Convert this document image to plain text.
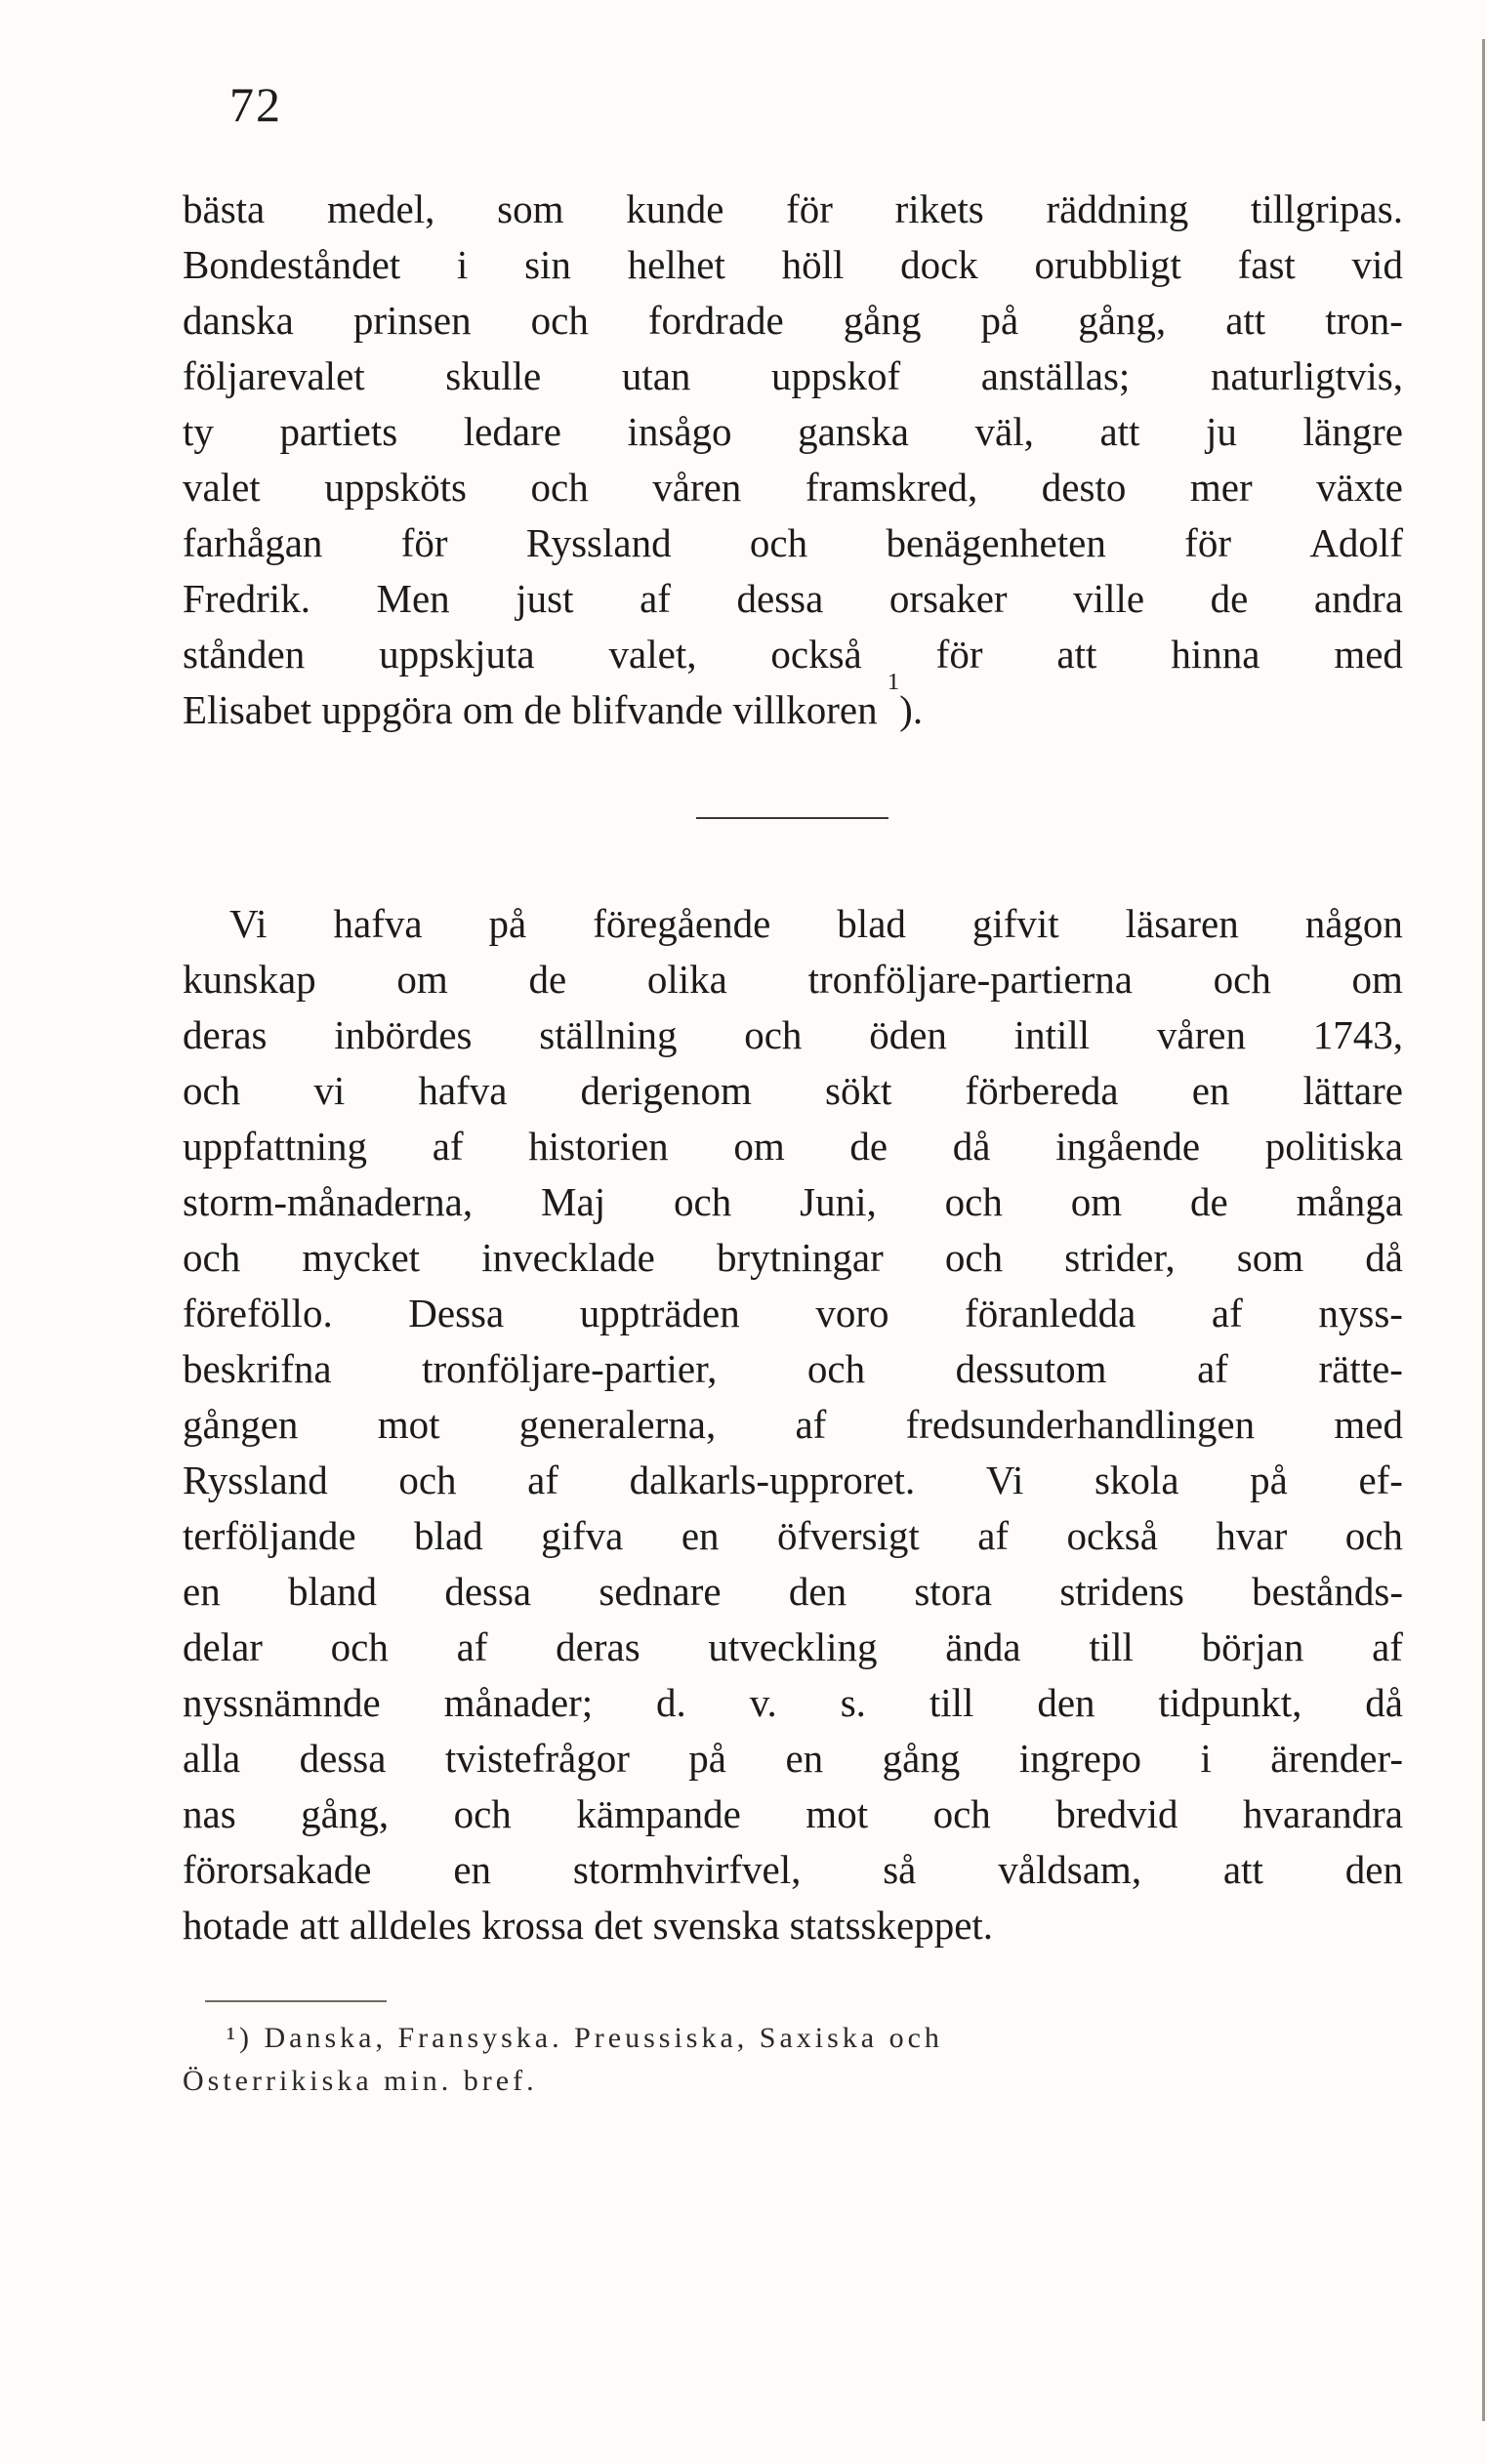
72
bästa medel, som kunde för rikets räddning tillgripas.
Bondeståndet i sin helhet höll dock orubbligt fast vid
danska prinsen och fordrade gång på gång, att tron-
följarevalet skulle utan uppskof anställas; naturligtvis,
ty partiets ledare insågo ganska väl, att ju längre
valet uppsköts och våren framskred, desto mer växte
farhågan för Ryssland och benägenheten för Adolf
Fredrik. Men just af dessa orsaker ville de andra
stånden uppskjuta valet, också för att hinna med
Elisabet uppgöra om de blifvande villkoren

1
).
Vi hafva på föregående blad gifvit läsaren någon
kunskap om de olika tronföljare-partierna och om
deras inbördes ställning och öden intill våren 1743,
och vi hafva derigenom sökt förbereda en lättare
uppfattning af historien om de då ingående politiska
storm-månaderna, Maj och Juni, och om de många
och mycket invecklade brytningar och strider, som då
föreföllo. Dessa uppträden voro föranledda af nyss-
beskrifna tronföljare-partier, och dessutom af rätte-
gången mot generalerna, af fredsunderhandlingen med
Ryssland och af dalkarls-upproret. Vi skola på ef-
terföljande blad gifva en öfversigt af också hvar och
en bland dessa sednare den stora stridens bestånds-
delar och af deras utveckling ända till början af
nyssnämnde månader; d. v. s. till den tidpunkt, då
alla dessa tvistefrågor på en gång ingrepo i ärender-
nas gång, och kämpande mot och bredvid hvarandra
förorsakade en stormhvirfvel, så våldsam, att den
hotade att alldeles krossa det svenska statsskeppet.
¹) Danska, Fransyska. Preussiska, Saxiska och
Österrikiska min. bref.
